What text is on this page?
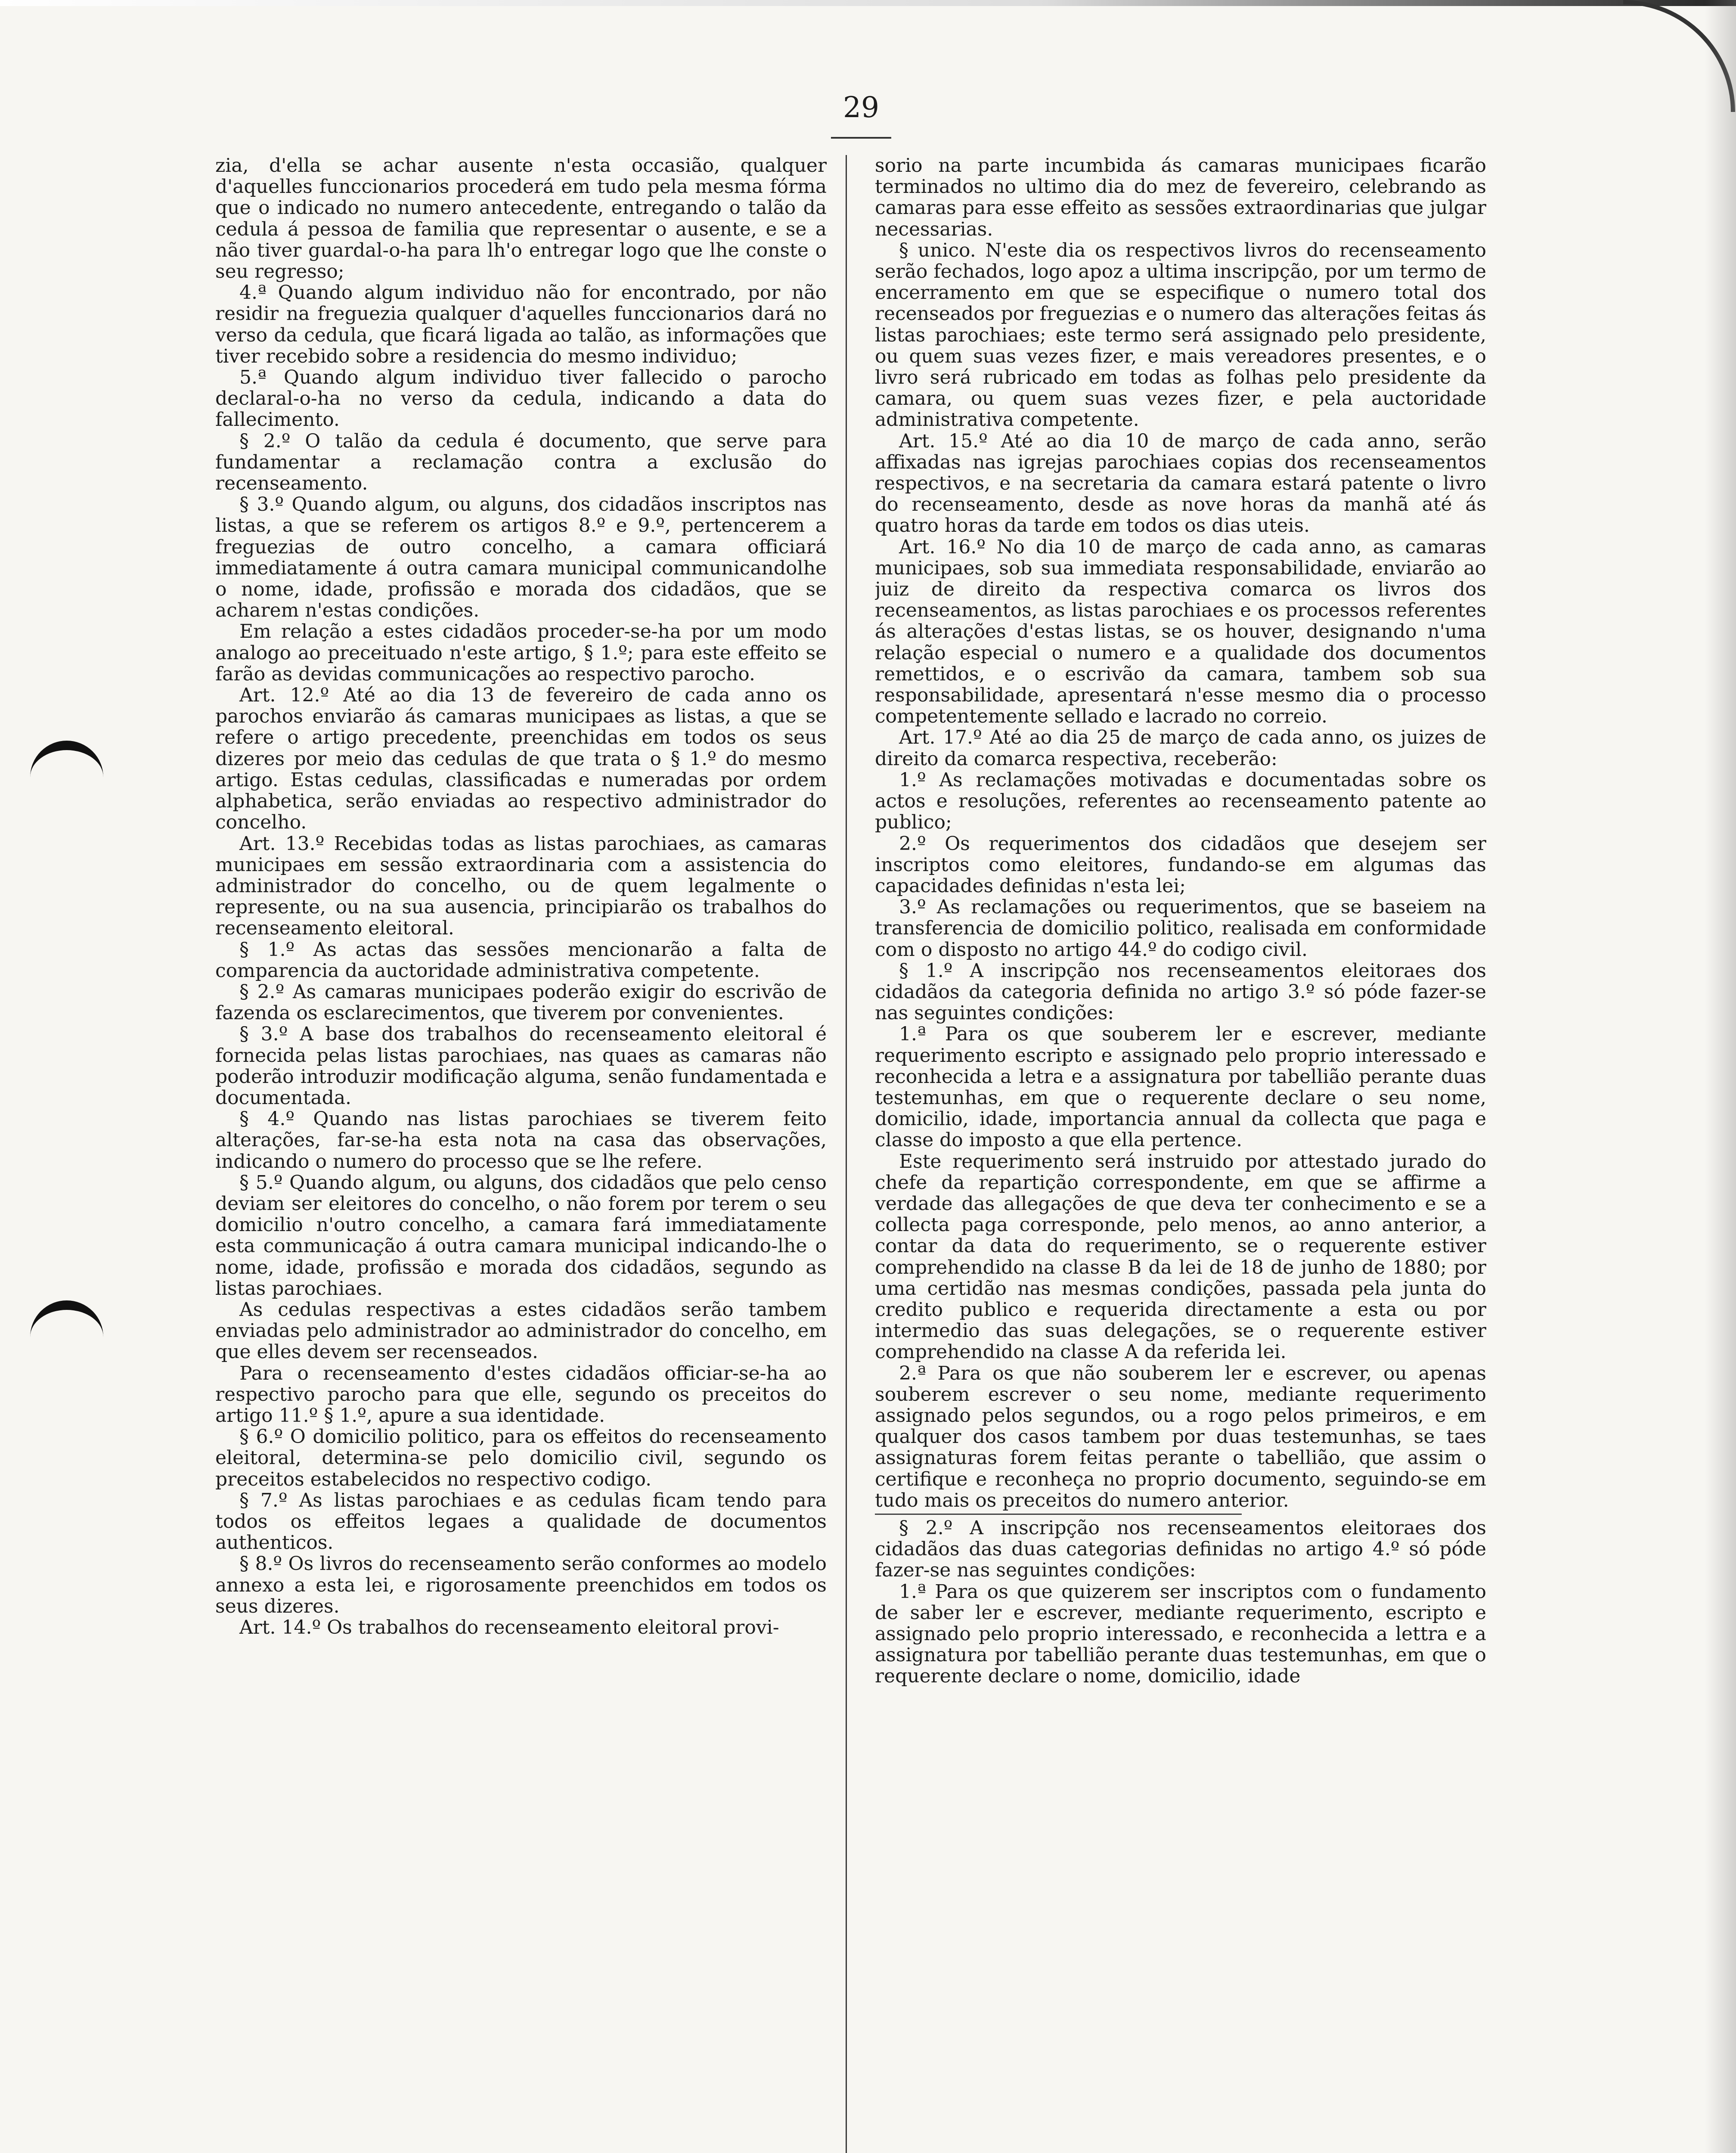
29

zia, d'ella se achar ausente n'esta occasião, qualquer d'aquelles funccionarios procederá em tudo pela mesma fórma que o indicado no numero antecedente, entregando o talão da cedula á pessoa de familia que representar o ausente, e se a não tiver guardal-o-ha para lh'o entregar logo que lhe conste o seu regresso;

4.ª Quando algum individuo não for encontrado, por não residir na freguezia qualquer d'aquelles funccionarios dará no verso da cedula, que ficará ligada ao talão, as informações que tiver recebido sobre a residencia do mesmo individuo;

5.ª Quando algum individuo tiver fallecido o parocho declaral-o-ha no verso da cedula, indicando a data do fallecimento.

§ 2.º O talão da cedula é documento, que serve para fundamentar a reclamação contra a exclusão do recenseamento.

§ 3.º Quando algum, ou alguns, dos cidadãos inscriptos nas listas, a que se referem os artigos 8.º e 9.º, pertencerem a freguezias de outro concelho, a camara officiará immediatamente á outra camara municipal communicandolhe o nome, idade, profissão e morada dos cidadãos, que se acharem n'estas condições.

Em relação a estes cidadãos proceder-se-ha por um modo analogo ao preceituado n'este artigo, § 1.º; para este effeito se farão as devidas communicações ao respectivo parocho.

Art. 12.º Até ao dia 13 de fevereiro de cada anno os parochos enviarão ás camaras municipaes as listas, a que se refere o artigo precedente, preenchidas em todos os seus dizeres por meio das cedulas de que trata o § 1.º do mesmo artigo. Estas cedulas, classificadas e numeradas por ordem alphabetica, serão enviadas ao respectivo administrador do concelho.

Art. 13.º Recebidas todas as listas parochiaes, as camaras municipaes em sessão extraordinaria com a assistencia do administrador do concelho, ou de quem legalmente o represente, ou na sua ausencia, principiarão os trabalhos do recenseamento eleitoral.

§ 1.º As actas das sessões mencionarão a falta de comparencia da auctoridade administrativa competente.

§ 2.º As camaras municipaes poderão exigir do escrivão de fazenda os esclarecimentos, que tiverem por convenientes.

§ 3.º A base dos trabalhos do recenseamento eleitoral é fornecida pelas listas parochiaes, nas quaes as camaras não poderão introduzir modificação alguma, senão fundamentada e documentada.

§ 4.º Quando nas listas parochiaes se tiverem feito alterações, far-se-ha esta nota na casa das observações, indicando o numero do processo que se lhe refere.

§ 5.º Quando algum, ou alguns, dos cidadãos que pelo censo deviam ser eleitores do concelho, o não forem por terem o seu domicilio n'outro concelho, a camara fará immediatamente esta communicação á outra camara municipal indicando-lhe o nome, idade, profissão e morada dos cidadãos, segundo as listas parochiaes.

As cedulas respectivas a estes cidadãos serão tambem enviadas pelo administrador ao administrador do concelho, em que elles devem ser recenseados.

Para o recenseamento d'estes cidadãos officiar-se-ha ao respectivo parocho para que elle, segundo os preceitos do artigo 11.º § 1.º, apure a sua identidade.

§ 6.º O domicilio politico, para os effeitos do recenseamento eleitoral, determina-se pelo domicilio civil, segundo os preceitos estabelecidos no respectivo codigo.

§ 7.º As listas parochiaes e as cedulas ficam tendo para todos os effeitos legaes a qualidade de documentos authenticos.

§ 8.º Os livros do recenseamento serão conformes ao modelo annexo a esta lei, e rigorosamente preenchidos em todos os seus dizeres.

Art. 14.º Os trabalhos do recenseamento eleitoral provi-

sorio na parte incumbida ás camaras municipaes ficarão terminados no ultimo dia do mez de fevereiro, celebrando as camaras para esse effeito as sessões extraordinarias que julgar necessarias.

§ unico. N'este dia os respectivos livros do recenseamento serão fechados, logo apoz a ultima inscripção, por um termo de encerramento em que se especifique o numero total dos recenseados por freguezias e o numero das alterações feitas ás listas parochiaes; este termo será assignado pelo presidente, ou quem suas vezes fizer, e mais vereadores presentes, e o livro será rubricado em todas as folhas pelo presidente da camara, ou quem suas vezes fizer, e pela auctoridade administrativa competente.

Art. 15.º Até ao dia 10 de março de cada anno, serão affixadas nas igrejas parochiaes copias dos recenseamentos respectivos, e na secretaria da camara estará patente o livro do recenseamento, desde as nove horas da manhã até ás quatro horas da tarde em todos os dias uteis.

Art. 16.º No dia 10 de março de cada anno, as camaras municipaes, sob sua immediata responsabilidade, enviarão ao juiz de direito da respectiva comarca os livros dos recenseamentos, as listas parochiaes e os processos referentes ás alterações d'estas listas, se os houver, designando n'uma relação especial o numero e a qualidade dos documentos remettidos, e o escrivão da camara, tambem sob sua responsabilidade, apresentará n'esse mesmo dia o processo competentemente sellado e lacrado no correio.

Art. 17.º Até ao dia 25 de março de cada anno, os juizes de direito da comarca respectiva, receberão:

1.º As reclamações motivadas e documentadas sobre os actos e resoluções, referentes ao recenseamento patente ao publico;

2.º Os requerimentos dos cidadãos que desejem ser inscriptos como eleitores, fundando-se em algumas das capacidades definidas n'esta lei;

3.º As reclamações ou requerimentos, que se baseiem na transferencia de domicilio politico, realisada em conformidade com o disposto no artigo 44.º do codigo civil.

§ 1.º A inscripção nos recenseamentos eleitoraes dos cidadãos da categoria definida no artigo 3.º só póde fazer-se nas seguintes condições:

1.ª Para os que souberem ler e escrever, mediante requerimento escripto e assignado pelo proprio interessado e reconhecida a letra e a assignatura por tabellião perante duas testemunhas, em que o requerente declare o seu nome, domicilio, idade, importancia annual da collecta que paga e classe do imposto a que ella pertence.

Este requerimento será instruido por attestado jurado do chefe da repartição correspondente, em que se affirme a verdade das allegações de que deva ter conhecimento e se a collecta paga corresponde, pelo menos, ao anno anterior, a contar da data do requerimento, se o requerente estiver comprehendido na classe B da lei de 18 de junho de 1880; por uma certidão nas mesmas condições, passada pela junta do credito publico e requerida directamente a esta ou por intermedio das suas delegações, se o requerente estiver comprehendido na classe A da referida lei.

2.ª Para os que não souberem ler e escrever, ou apenas souberem escrever o seu nome, mediante requerimento assignado pelos segundos, ou a rogo pelos primeiros, e em qualquer dos casos tambem por duas testemunhas, se taes assignaturas forem feitas perante o tabellião, que assim o certifique e reconheça no proprio documento, seguindo-se em tudo mais os preceitos do numero anterior.

§ 2.º A inscripção nos recenseamentos eleitoraes dos cidadãos das duas categorias definidas no artigo 4.º só póde fazer-se nas seguintes condições:

1.ª Para os que quizerem ser inscriptos com o fundamento de saber ler e escrever, mediante requerimento, escripto e assignado pelo proprio interessado, e reconhecida a lettra e a assignatura por tabellião perante duas testemunhas, em que o requerente declare o nome, domicilio, idade
